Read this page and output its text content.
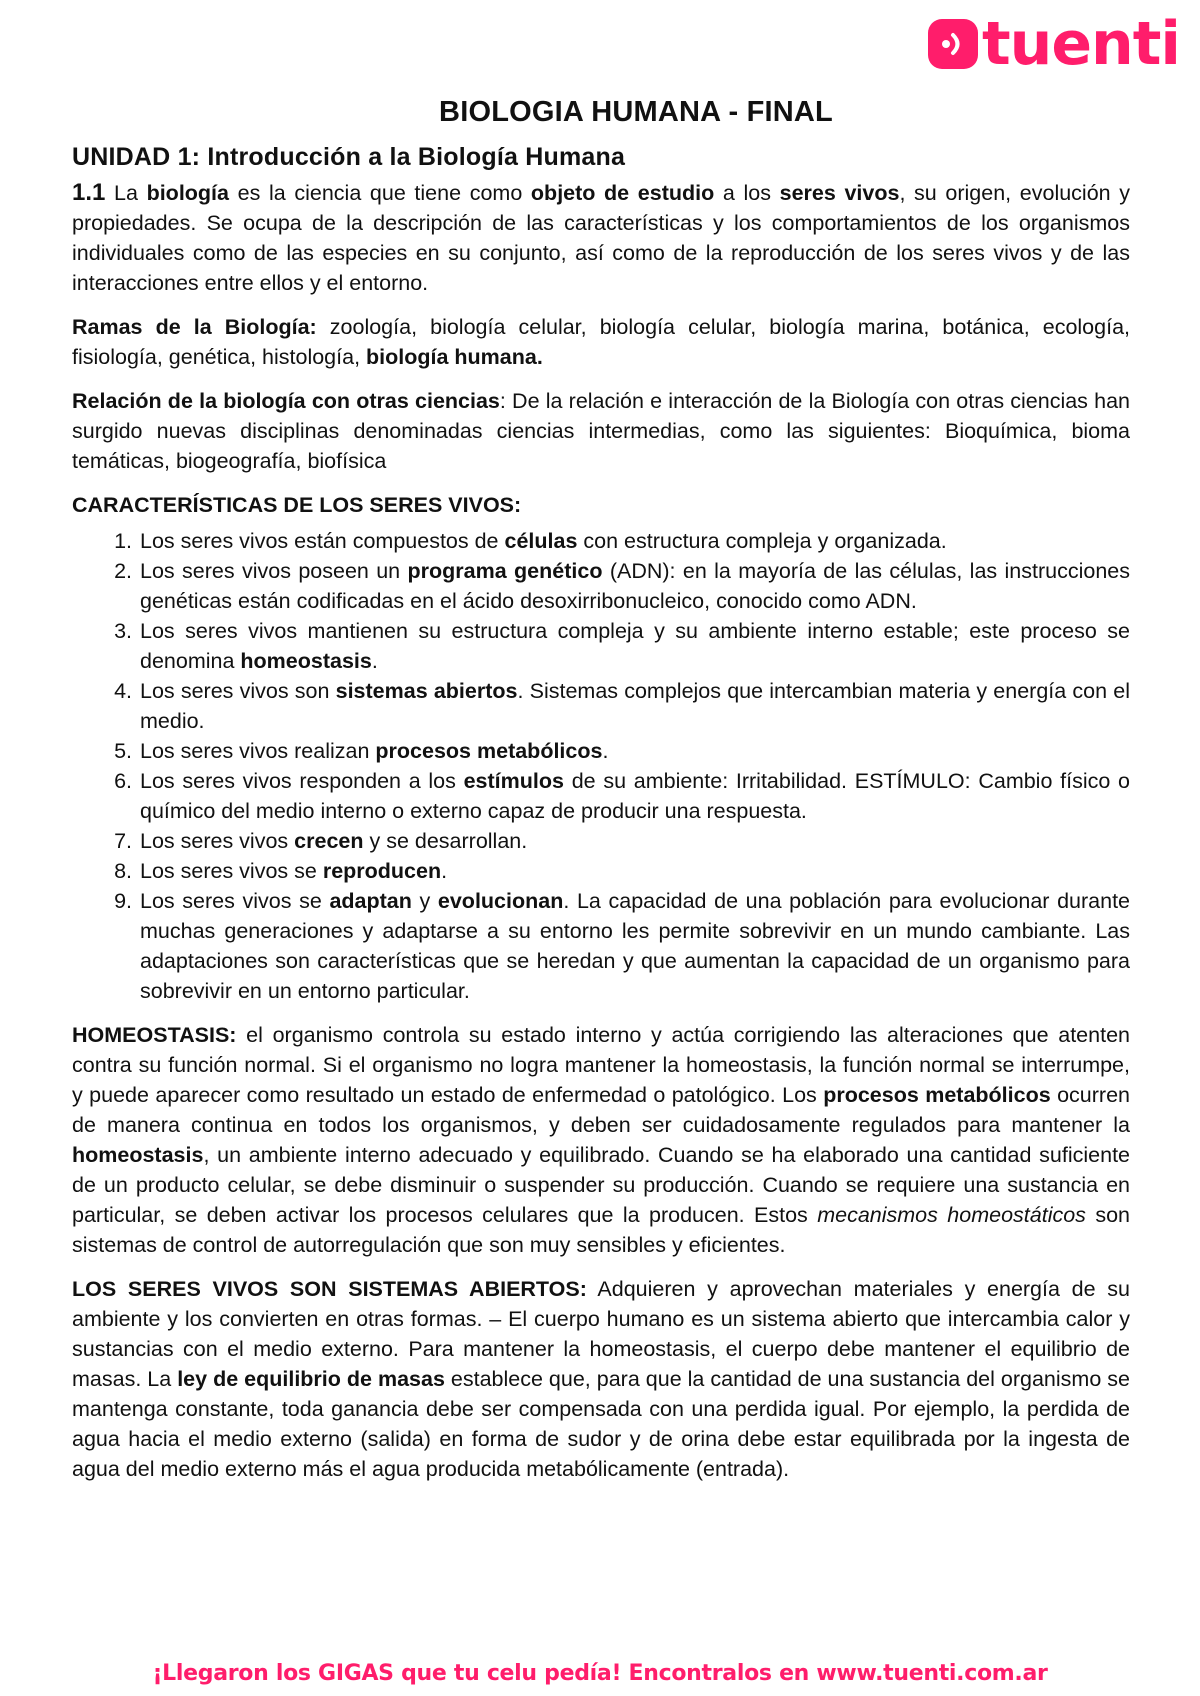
tuenti
BIOLOGIA HUMANA - FINAL
UNIDAD 1: Introducción a la Biología Humana

1.1 La biología es la ciencia que tiene como objeto de estudio a los seres vivos, su origen, evolución y propiedades. Se ocupa de la descripción de las características y los comportamientos de los organismos individuales como de las especies en su conjunto, así como de la reproducción de los seres vivos y de las interacciones entre ellos y el entorno.

Ramas de la Biología: zoología, biología celular, biología celular, biología marina, botánica, ecología, fisiología, genética, histología, biología humana.

Relación de la biología con otras ciencias: De la relación e interacción de la Biología con otras ciencias han surgido nuevas disciplinas denominadas ciencias intermedias, como las siguientes: Bioquímica, bioma temáticas, biogeografía, biofísica

CARACTERÍSTICAS DE LOS SERES VIVOS:

1. Los seres vivos están compuestos de células con estructura compleja y organizada.
2. Los seres vivos poseen un programa genético (ADN): en la mayoría de las células, las instrucciones genéticas están codificadas en el ácido desoxirribonucleico, conocido como ADN.
3. Los seres vivos mantienen su estructura compleja y su ambiente interno estable; este proceso se denomina homeostasis.
4. Los seres vivos son sistemas abiertos. Sistemas complejos que intercambian materia y energía con el medio.
5. Los seres vivos realizan procesos metabólicos.
6. Los seres vivos responden a los estímulos de su ambiente: Irritabilidad. ESTÍMULO: Cambio físico o químico del medio interno o externo capaz de producir una respuesta.
7. Los seres vivos crecen y se desarrollan.
8. Los seres vivos se reproducen.
9. Los seres vivos se adaptan y evolucionan. La capacidad de una población para evolucionar durante muchas generaciones y adaptarse a su entorno les permite sobrevivir en un mundo cambiante. Las adaptaciones son características que se heredan y que aumentan la capacidad de un organismo para sobrevivir en un entorno particular.

HOMEOSTASIS: el organismo controla su estado interno y actúa corrigiendo las alteraciones que atenten contra su función normal. Si el organismo no logra mantener la homeostasis, la función normal se interrumpe, y puede aparecer como resultado un estado de enfermedad o patológico. Los procesos metabólicos ocurren de manera continua en todos los organismos, y deben ser cuidadosamente regulados para mantener la homeostasis, un ambiente interno adecuado y equilibrado. Cuando se ha elaborado una cantidad suficiente de un producto celular, se debe disminuir o suspender su producción. Cuando se requiere una sustancia en particular, se deben activar los procesos celulares que la producen. Estos mecanismos homeostáticos son sistemas de control de autorregulación que son muy sensibles y eficientes.

LOS SERES VIVOS SON SISTEMAS ABIERTOS: Adquieren y aprovechan materiales y energía de su ambiente y los convierten en otras formas. – El cuerpo humano es un sistema abierto que intercambia calor y sustancias con el medio externo. Para mantener la homeostasis, el cuerpo debe mantener el equilibrio de masas. La ley de equilibrio de masas establece que, para que la cantidad de una sustancia del organismo se mantenga constante, toda ganancia debe ser compensada con una perdida igual. Por ejemplo, la perdida de agua hacia el medio externo (salida) en forma de sudor y de orina debe estar equilibrada por la ingesta de agua del medio externo más el agua producida metabólicamente (entrada).

¡Llegaron los GIGAS que tu celu pedía! Encontralos en www.tuenti.com.ar
